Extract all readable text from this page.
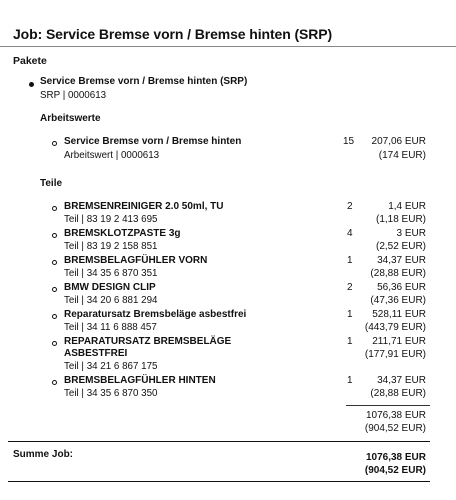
Job: Service Bremse vorn / Bremse hinten (SRP)
Pakete
Service Bremse vorn / Bremse hinten (SRP)
SRP | 0000613
Arbeitswerte
Service Bremse vorn / Bremse hinten
Arbeitswert | 0000613
15	207,06 EUR
(174 EUR)
Teile
BREMSENREINIGER 2.0 50ml, TU
Teil | 83 19 2 413 695
2	1,4 EUR
(1,18 EUR)
BREMSKLOTZPASTE 3g
Teil | 83 19 2 158 851
4	3 EUR
(2,52 EUR)
BREMSBELAGFÜHLER VORN
Teil | 34 35 6 870 351
1	34,37 EUR
(28,88 EUR)
BMW DESIGN CLIP
Teil | 34 20 6 881 294
2	56,36 EUR
(47,36 EUR)
Reparatursatz Bremsbeläge asbestfrei
Teil | 34 11 6 888 457
1	528,11 EUR
(443,79 EUR)
REPARATURSATZ BREMSBELÄGE
ASBESTFREI
Teil | 34 21 6 867 175
1	211,71 EUR
(177,91 EUR)
BREMSBELAGFÜHLER HINTEN
Teil | 34 35 6 870 350
1	34,37 EUR
(28,88 EUR)
1076,38 EUR
(904,52 EUR)
Summe Job:	1076,38 EUR
(904,52 EUR)
